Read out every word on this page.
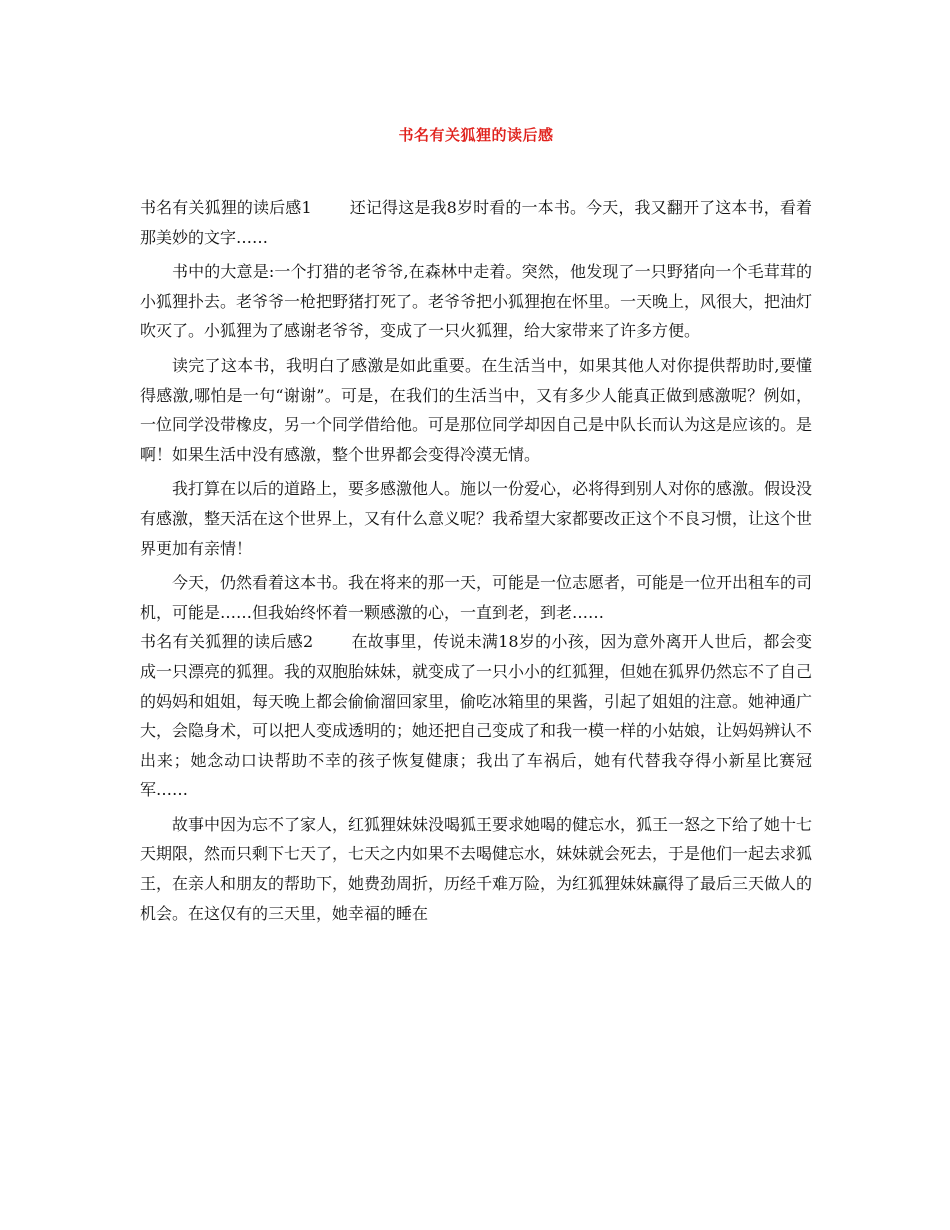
书名有关狐狸的读后感

书名有关狐狸的读后感1 还记得这是我8岁时看的一本书。今天，我又翻开了这本书，看着那美妙的文字……

书中的大意是:一个打猎的老爷爷,在森林中走着。突然，他发现了一只野猪向一个毛茸茸的小狐狸扑去。老爷爷一枪把野猪打死了。老爷爷把小狐狸抱在怀里。一天晚上，风很大，把油灯吹灭了。小狐狸为了感谢老爷爷，变成了一只火狐狸，给大家带来了许多方便。

读完了这本书，我明白了感激是如此重要。在生活当中，如果其他人对你提供帮助时,要懂得感激,哪怕是一句“谢谢”。可是，在我们的生活当中，又有多少人能真正做到感激呢？例如，一位同学没带橡皮，另一个同学借给他。可是那位同学却因自己是中队长而认为这是应该的。是啊！如果生活中没有感激，整个世界都会变得冷漠无情。

我打算在以后的道路上，要多感激他人。施以一份爱心，必将得到别人对你的感激。假设没有感激，整天活在这个世界上，又有什么意义呢？我希望大家都要改正这个不良习惯，让这个世界更加有亲情！

今天，仍然看着这本书。我在将来的那一天，可能是一位志愿者，可能是一位开出租车的司机，可能是……但我始终怀着一颗感激的心，一直到老，到老……

书名有关狐狸的读后感2 在故事里，传说未满18岁的小孩，因为意外离开人世后，都会变成一只漂亮的狐狸。我的双胞胎妹妹，就变成了一只小小的红狐狸，但她在狐界仍然忘不了自己的妈妈和姐姐，每天晚上都会偷偷溜回家里，偷吃冰箱里的果酱，引起了姐姐的注意。她神通广大，会隐身术，可以把人变成透明的；她还把自己变成了和我一模一样的小姑娘，让妈妈辨认不出来；她念动口诀帮助不幸的孩子恢复健康；我出了车祸后，她有代替我夺得小新星比赛冠军……

故事中因为忘不了家人，红狐狸妹妹没喝狐王要求她喝的健忘水，狐王一怒之下给了她十七天期限，然而只剩下七天了，七天之内如果不去喝健忘水，妹妹就会死去，于是他们一起去求狐王，在亲人和朋友的帮助下，她费劲周折，历经千难万险，为红狐狸妹妹赢得了最后三天做人的机会。在这仅有的三天里，她幸福的睡在
